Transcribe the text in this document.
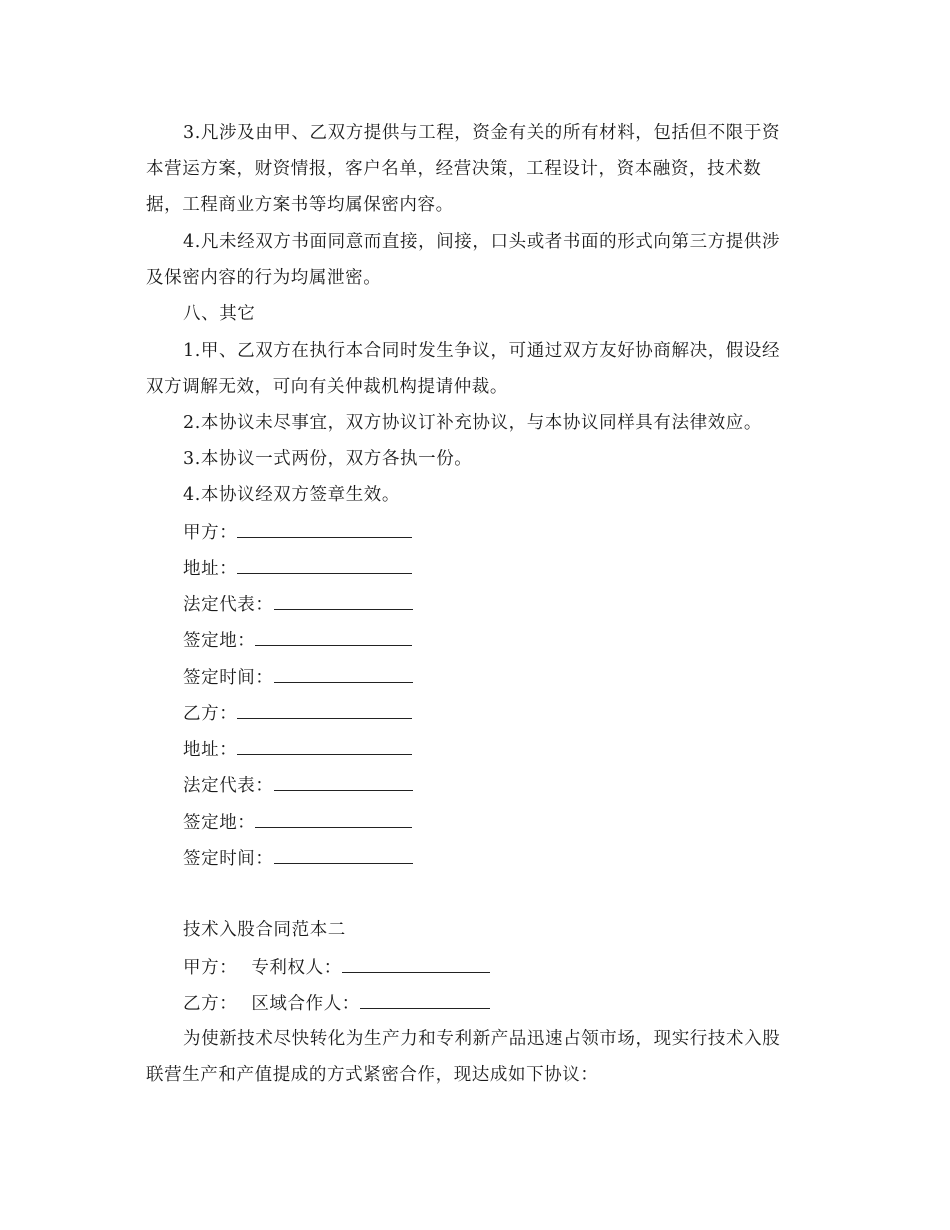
3.凡涉及由甲、乙双方提供与工程，资金有关的所有材料，包括但不限于资
本营运方案，财资情报，客户名单，经营决策，工程设计，资本融资，技术数
据，工程商业方案书等均属保密内容。
4.凡未经双方书面同意而直接，间接，口头或者书面的形式向第三方提供涉
及保密内容的行为均属泄密。
八、其它
1.甲、乙双方在执行本合同时发生争议，可通过双方友好协商解决，假设经
双方调解无效，可向有关仲裁机构提请仲裁。
2.本协议未尽事宜，双方协议订补充协议，与本协议同样具有法律效应。
3.本协议一式两份，双方各执一份。
4.本协议经双方签章生效。
甲方：
地址：
法定代表：
签定地：
签定时间：
乙方：
地址：
法定代表：
签定地：
签定时间：
技术入股合同范本二
甲方： 专利权人：
乙方： 区域合作人：
为使新技术尽快转化为生产力和专利新产品迅速占领市场，现实行技术入股
联营生产和产值提成的方式紧密合作，现达成如下协议：
